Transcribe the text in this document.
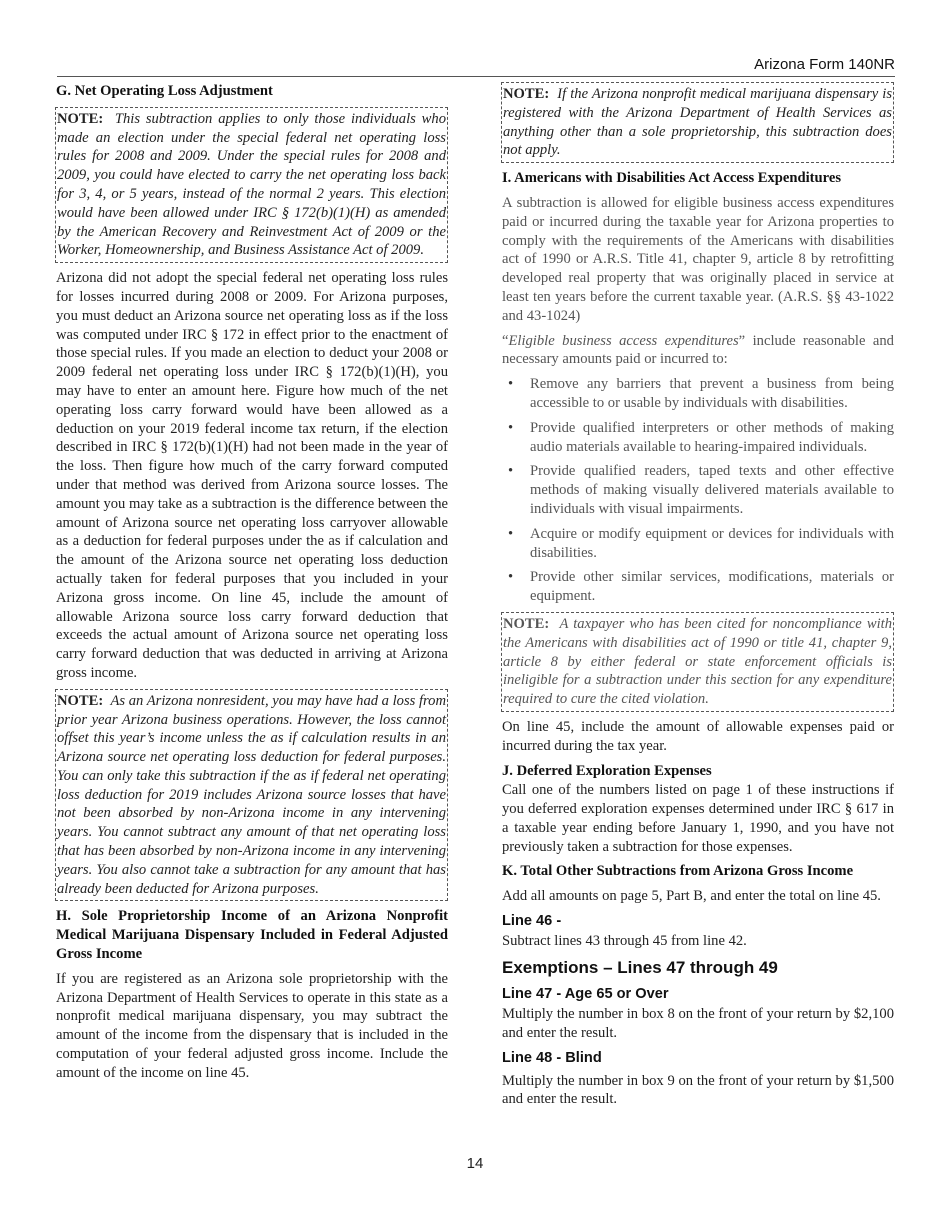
Arizona Form 140NR
G. Net Operating Loss Adjustment
NOTE: This subtraction applies to only those individuals who made an election under the special federal net operating loss rules for 2008 and 2009. Under the special rules for 2008 and 2009, you could have elected to carry the net operating loss back for 3, 4, or 5 years, instead of the normal 2 years. This election would have been allowed under IRC § 172(b)(1)(H) as amended by the American Recovery and Reinvestment Act of 2009 or the Worker, Homeownership, and Business Assistance Act of 2009.

Arizona did not adopt the special federal net operating loss rules for losses incurred during 2008 or 2009. For Arizona purposes, you must deduct an Arizona source net operating loss as if the loss was computed under IRC § 172 in effect prior to the enactment of those special rules. If you made an election to deduct your 2008 or 2009 federal net operating loss under IRC § 172(b)(1)(H), you may have to enter an amount here. Figure how much of the net operating loss carry forward would have been allowed as a deduction on your 2019 federal income tax return, if the election described in IRC § 172(b)(1)(H) had not been made in the year of the loss. Then figure how much of the carry forward computed under that method was derived from Arizona source losses. The amount you may take as a subtraction is the difference between the amount of Arizona source net operating loss carryover allowable as a deduction for federal purposes under the as if calculation and the amount of the Arizona source net operating loss deduction actually taken for federal purposes that you included in your Arizona gross income. On line 45, include the amount of allowable Arizona source loss carry forward deduction that exceeds the actual amount of Arizona source net operating loss carry forward deduction that was deducted in arriving at Arizona gross income.

NOTE: As an Arizona nonresident, you may have had a loss from prior year Arizona business operations. However, the loss cannot offset this year’s income unless the as if calculation results in an Arizona source net operating loss deduction for federal purposes. You can only take this subtraction if the as if federal net operating loss deduction for 2019 includes Arizona source losses that have not been absorbed by non-Arizona income in any intervening years. You cannot subtract any amount of that net operating loss that has been absorbed by non-Arizona income in any intervening years. You also cannot take a subtraction for any amount that has already been deducted for Arizona purposes.
H. Sole Proprietorship Income of an Arizona Nonprofit Medical Marijuana Dispensary Included in Federal Adjusted Gross Income

If you are registered as an Arizona sole proprietorship with the Arizona Department of Health Services to operate in this state as a nonprofit medical marijuana dispensary, you may subtract the amount of the income from the dispensary that is included in the computation of your federal adjusted gross income. Include the amount of the income on line 45.

NOTE: If the Arizona nonprofit medical marijuana dispensary is registered with the Arizona Department of Health Services as anything other than a sole proprietorship, this subtraction does not apply.
I. Americans with Disabilities Act Access Expenditures

A subtraction is allowed for eligible business access expenditures paid or incurred during the taxable year for Arizona properties to comply with the requirements of the Americans with disabilities act of 1990 or A.R.S. Title 41, chapter 9, article 8 by retrofitting developed real property that was originally placed in service at least ten years before the current taxable year. (A.R.S. §§ 43-1022 and 43-1024)

“Eligible business access expenditures” include reasonable and necessary amounts paid or incurred to:

• Remove any barriers that prevent a business from being accessible to or usable by individuals with disabilities.
• Provide qualified interpreters or other methods of making audio materials available to hearing-impaired individuals.
• Provide qualified readers, taped texts and other effective methods of making visually delivered materials available to individuals with visual impairments.
• Acquire or modify equipment or devices for individuals with disabilities.
• Provide other similar services, modifications, materials or equipment.
NOTE: A taxpayer who has been cited for noncompliance with the Americans with disabilities act of 1990 or title 41, chapter 9, article 8 by either federal or state enforcement officials is ineligible for a subtraction under this section for any expenditure required to cure the cited violation.

On line 45, include the amount of allowable expenses paid or incurred during the tax year.

J. Deferred Exploration Expenses

Call one of the numbers listed on page 1 of these instructions if you deferred exploration expenses determined under IRC § 617 in a taxable year ending before January 1, 1990, and you have not previously taken a subtraction for those expenses.

K. Total Other Subtractions from Arizona Gross Income

Add all amounts on page 5, Part B, and enter the total on line 45.

Line 46 -

Subtract lines 43 through 45 from line 42.

Exemptions – Lines 47 through 49
Line 47 - Age 65 or Over

Multiply the number in box 8 on the front of your return by $2,100 and enter the result.

Line 48 - Blind

Multiply the number in box 9 on the front of your return by $1,500 and enter the result.

14
